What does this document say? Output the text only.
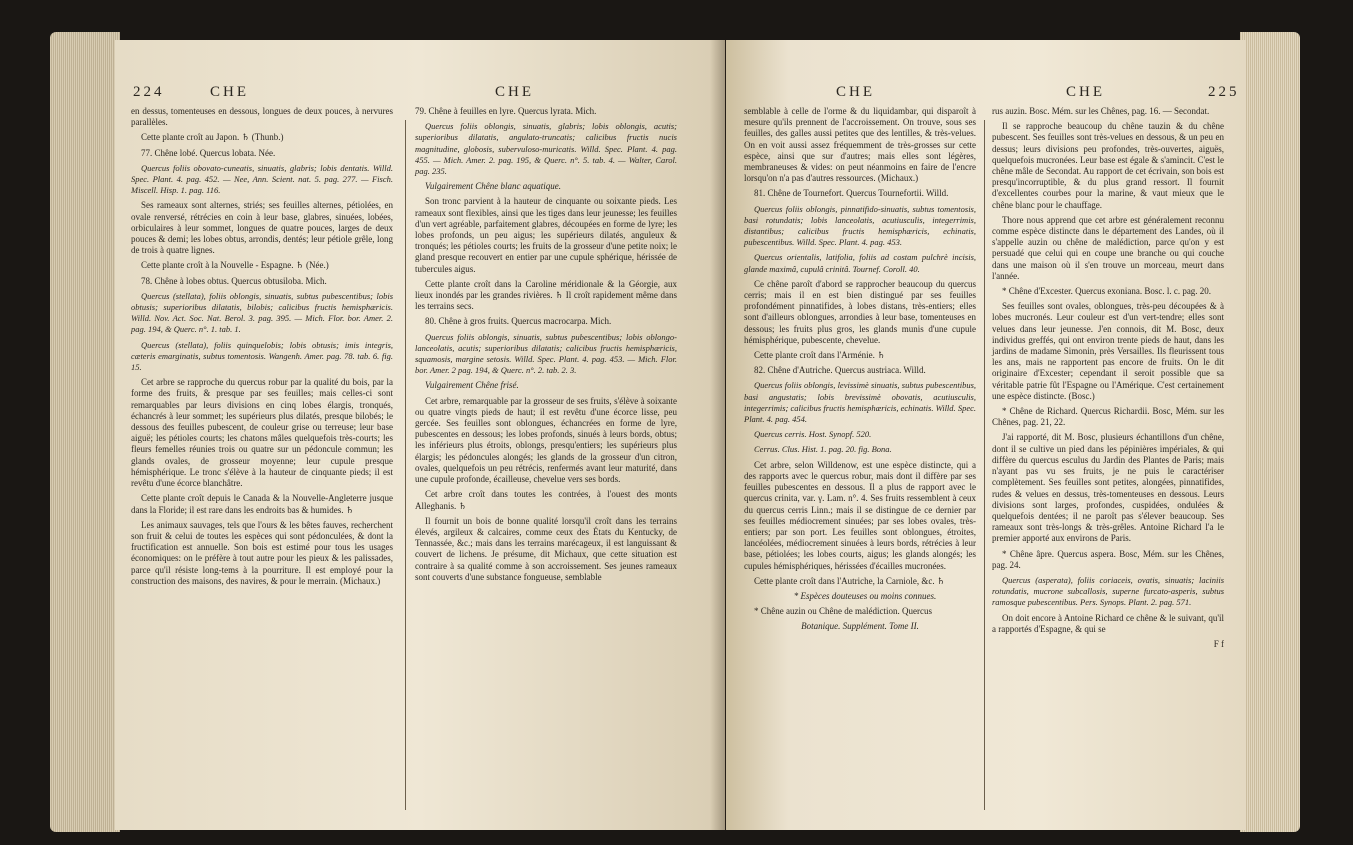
224	CHE	CHE

en dessus, tomenteuses en dessous, longues de deux pouces, à nervures parallèles.

Cette plante croît au Japon. ♄ (Thunb.)

77. Chêne lobé. Quercus lobata. Née.

Quercus foliis obovato-cuneatis, sinuatis, glabris; lobis dentatis. Willd. Spec. Plant. 4. pag. 452. — Nee, Ann. Scient. nat. 5. pag. 277. — Fisch. Miscell. Hisp. 1. pag. 116.

Ses rameaux sont alternes, striés; ses feuilles alternes, pétiolées, en ovale renversé, rétrécies en coin à leur base, glabres, sinuées, lobées, orbiculaires à leur sommet, longues de quatre pouces, larges de deux pouces & demi; les lobes obtus, arrondis, dentés; leur pétiole grêle, long de trois à quatre lignes.

Cette plante croît à la Nouvelle - Espagne. ♄ (Née.)

78. Chêne à lobes obtus. Quercus obtusiloba. Mich.

Quercus (stellata), foliis oblongis, sinuatis, subtus pubescentibus; lobis obtusis; superioribus dilatatis, bilobis; calicibus fructis hemisphæricis. Willd. Nov. Act. Soc. Nat. Berol. 3. pag. 395. — Mich. Flor. bor. Amer. 2. pag. 194, & Querc. n°. 1. tab. 1.

Quercus (stellata), foliis quinquelobis; lobis obtusis; imis integris, cæteris emarginatis, subtus tomentosis. Wangenh. Amer. pag. 78. tab. 6. fig. 15.

Cet arbre se rapproche du quercus robur par la qualité du bois, par la forme des fruits, & presque par ses feuilles; mais celles-ci sont remarquables par leurs divisions en cinq lobes élargis, tronqués, échancrés à leur sommet; les supérieurs plus dilatés, presque bilobés; le dessous des feuilles pubescent, de couleur grise ou terreuse; leur base aiguë; les pétioles courts; les chatons mâles quelquefois très-courts; les fleurs femelles réunies trois ou quatre sur un pédoncule commun; les glands ovales, de grosseur moyenne; leur cupule presque hémisphérique. Le tronc s'élève à la hauteur de cinquante pieds; il est revêtu d'une écorce blanchâtre.

Cette plante croît depuis le Canada & la Nouvelle-Angleterre jusque dans la Floride; il est rare dans les endroits bas & humides. ♄

Les animaux sauvages, tels que l'ours & les bêtes fauves, recherchent son fruit & celui de toutes les espèces qui sont pédonculées, & dont la fructification est annuelle. Son bois est estimé pour tous les usages économiques: on le préfère à tout autre pour les pieux & les palissades, parce qu'il résiste long-tems à la pourriture. Il est employé pour la construction des maisons, des navires, & pour le merrain. (Michaux.)

79. Chêne à feuilles en lyre. Quercus lyrata. Mich.

Quercus foliis oblongis, sinuatis, glabris; lobis oblongis, acutis; superioribus dilatatis, angulato-truncatis; calicibus fructis nucis magnitudine, globosis, subervuloso-muricatis. Willd. Spec. Plant. 4. pag. 455. — Mich. Amer. 2. pag. 195, & Querc. n°. 5. tab. 4. — Walter, Carol. pag. 235.

Vulgairement Chêne blanc aquatique.

Son tronc parvient à la hauteur de cinquante ou soixante pieds. Les rameaux sont flexibles, ainsi que les tiges dans leur jeunesse; les feuilles d'un vert agréable, parfaitement glabres, découpées en forme de lyre; les lobes profonds, un peu aigus; les supérieurs dilatés, anguleux & tronqués; les pétioles courts; les fruits de la grosseur d'une petite noix; le gland presque recouvert en entier par une cupule sphérique, hérissée de tubercules aigus.

Cette plante croît dans la Caroline méridionale & la Géorgie, aux lieux inondés par les grandes rivières. ♄ Il croît rapidement même dans les terrains secs.

80. Chêne à gros fruits. Quercus macrocarpa. Mich.

Quercus foliis oblongis, sinuatis, subtus pubescentibus; lobis oblongo-lanceolatis, acutis; superioribus dilatatis; calicibus fructis hemisphæricis, squamosis, margine setosis. Willd. Spec. Plant. 4. pag. 453. — Mich. Flor. bor. Amer. 2 pag. 194, & Querc. n°. 2. tab. 2. 3.

Vulgairement Chêne frisé.

Cet arbre, remarquable par la grosseur de ses fruits, s'élève à soixante ou quatre vingts pieds de haut; il est revêtu d'une écorce lisse, peu gercée. Ses feuilles sont oblongues, échancrées en forme de lyre, pubescentes en dessous; les lobes profonds, sinués à leurs bords, obtus; les inférieurs plus étroits, oblongs, presqu'entiers; les supérieurs plus élargis; les pédoncules alongés; les glands de la grosseur d'un citron, ovales, quelquefois un peu rétrécis, renfermés avant leur maturité, dans une cupule profonde, écailleuse, chevelue vers ses bords.

Cet arbre croît dans toutes les contrées, à l'ouest des monts Alleghanis. ♄

Il fournit un bois de bonne qualité lorsqu'il croît dans les terrains élevés, argileux & calcaires, comme ceux des États du Kentucky, de Tennassée, &c.; mais dans les terrains marécageux, il est languissant & couvert de lichens. Je présume, dit Michaux, que cette situation est contraire à sa qualité comme à son accroissement. Ses jeunes rameaux sont couverts d'une substance fongueuse, semblable

CHE	CHE	225

semblable à celle de l'orme & du liquidambar, qui disparoît à mesure qu'ils prennent de l'accroissement. On trouve, sous ses feuilles, des galles aussi petites que des lentilles, & très-velues. On en voit aussi assez fréquemment de très-grosses sur cette espèce, ainsi que sur d'autres; mais elles sont légères, membraneuses & vides: on peut néanmoins en faire de l'encre lorsqu'on n'a pas d'autres ressources. (Michaux.)

81. Chêne de Tournefort. Quercus Tournefortii. Willd.

Quercus foliis oblongis, pinnatifido-sinuatis, subtus tomentosis, basi rotundatis; lobis lanceolatis, acutiusculis, integerrimis, distantibus; calicibus fructis hemisphæricis, echinatis, pubescentibus. Willd. Spec. Plant. 4. pag. 453.

Quercus orientalis, latifolia, foliis ad costam pulchrè incisis, glande maximâ, cupulâ crinitâ. Tournef. Coroll. 40.

Ce chêne paroît d'abord se rapprocher beaucoup du quercus cerris; mais il en est bien distingué par ses feuilles profondément pinnatifides, à lobes distans, très-entiers; elles sont d'ailleurs oblongues, arrondies à leur base, tomenteuses en dessous; les fruits plus gros, les glands munis d'une cupule hémisphérique, pubescente, chevelue.

Cette plante croît dans l'Arménie. ♄

82. Chêne d'Autriche. Quercus austriaca. Willd.

Quercus foliis oblongis, levissimè sinuatis, subtus pubescentibus, basi angustatis; lobis brevissimè obovatis, acutiusculis, integerrimis; calicibus fructis hemisphæricis, echinatis. Willd. Spec. Plant. 4. pag. 454.

Quercus cerris. Host. Synopf. 520.

Cerrus. Clus. Hist. 1. pag. 20. fig. Bona.

Cet arbre, selon Willdenow, est une espèce distincte, qui a des rapports avec le quercus robur, mais dont il diffère par ses feuilles pubescentes en dessous. Il a plus de rapport avec le quercus crinita, var. γ. Lam. n°. 4. Ses fruits ressemblent à ceux du quercus cerris Linn.; mais il se distingue de ce dernier par ses feuilles médiocrement sinuées; par ses lobes ovales, très-entiers; par son port. Les feuilles sont oblongues, étroites, lancéolées, médiocrement sinuées à leurs bords, rétrécies à leur base, pétiolées; les lobes courts, aigus; les glands alongés; les cupules hémisphériques, hérissées d'écailles mucronées.

Cette plante croît dans l'Autriche, la Carniole, &c. ♄

* Espèces douteuses ou moins connues.

* Chêne auzin ou Chêne de malédiction. Quercus

Botanique. Supplément. Tome II.

rus auzin. Bosc. Mém. sur les Chênes, pag. 16. — Secondat.

Il se rapproche beaucoup du chêne tauzin & du chêne pubescent. Ses feuilles sont très-velues en dessous, & un peu en dessus; leurs divisions peu profondes, très-ouvertes, aiguës, quelquefois mucronées. Leur base est égale & s'amincit. C'est le chêne mâle de Secondat. Au rapport de cet écrivain, son bois est presqu'incorruptible, & du plus grand ressort. Il fournit d'excellentes courbes pour la marine, & vaut mieux que le chêne blanc pour le chauffage.

Thore nous apprend que cet arbre est généralement reconnu comme espèce distincte dans le département des Landes, où il s'appelle auzin ou chêne de malédiction, parce qu'on y est persuadé que celui qui en coupe une branche ou qui couche dans une maison où il s'en trouve un morceau, meurt dans l'année.

* Chêne d'Excester. Quercus exoniana. Bosc. l. c. pag. 20.

Ses feuilles sont ovales, oblongues, très-peu découpées & à lobes mucronés. Leur couleur est d'un vert-tendre; elles sont velues dans leur jeunesse. J'en connois, dit M. Bosc, deux individus greffés, qui ont environ trente pieds de haut, dans les jardins de madame Simonin, près Versailles. Ils fleurissent tous les ans, mais ne rapportent pas encore de fruits. On le dit originaire d'Excester; cependant il seroit possible que sa véritable patrie fût l'Espagne ou l'Amérique. C'est certainement une espèce distincte. (Bosc.)

* Chêne de Richard. Quercus Richardii. Bosc, Mém. sur les Chênes, pag. 21, 22.

J'ai rapporté, dit M. Bosc, plusieurs échantillons d'un chêne, dont il se cultive un pied dans les pépinières impériales, & qui diffère du quercus esculus du Jardin des Plantes de Paris; mais n'ayant pas vu ses fruits, je ne puis le caractériser complètement. Ses feuilles sont petites, alongées, pinnatifides, rudes & velues en dessus, très-tomenteuses en dessous. Leurs divisions sont larges, profondes, cuspidées, ondulées & quelquefois dentées; il ne paroît pas s'élever beaucoup. Ses rameaux sont très-longs & très-grêles. Antoine Richard l'a le premier apporté aux environs de Paris.

* Chêne âpre. Quercus aspera. Bosc, Mém. sur les Chênes, pag. 24.

Quercus (asperata), foliis coriaceis, ovatis, sinuatis; laciniis rotundatis, mucrone subcallosis, superne furcato-asperis, subtus ramosque pubescentibus. Pers. Synops. Plant. 2. pag. 571.

On doit encore à Antoine Richard ce chêne & le suivant, qu'il a rapportés d'Espagne, & qui se

F f
